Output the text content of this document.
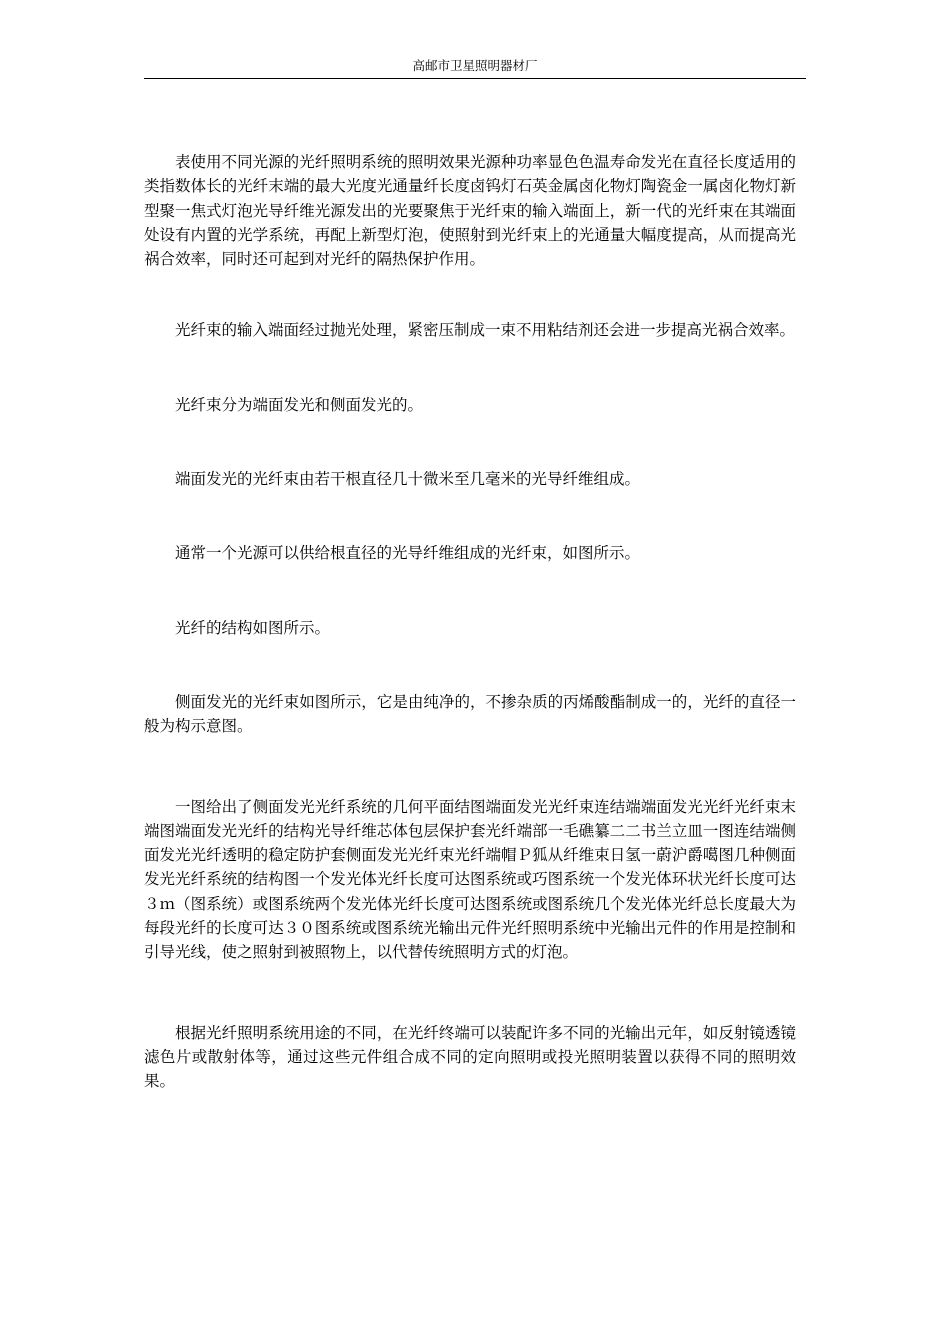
高邮市卫星照明器材厂

表使用不同光源的光纤照明系统的照明效果光源种功率显色色温寿命发光在直径长度适用的类指数体长的光纤末端的最大光度光通量纤长度卤钨灯石英金属卤化物灯陶瓷金一属卤化物灯新型聚一焦式灯泡光导纤维光源发出的光要聚焦于光纤束的输入端面上，新一代的光纤束在其端面处设有内置的光学系统，再配上新型灯泡，使照射到光纤束上的光通量大幅度提高，从而提高光祸合效率，同时还可起到对光纤的隔热保护作用。

光纤束的输入端面经过抛光处理，紧密压制成一束不用粘结剂还会进一步提高光祸合效率。

光纤束分为端面发光和侧面发光的。

端面发光的光纤束由若干根直径几十微米至几毫米的光导纤维组成。

通常一个光源可以供给根直径的光导纤维组成的光纤束，如图所示。

光纤的结构如图所示。

侧面发光的光纤束如图所示，它是由纯净的，不掺杂质的丙烯酸酯制成一的，光纤的直径一般为构示意图。

一图给出了侧面发光光纤系统的几何平面结图端面发光光纤束连结端端面发光光纤光纤束末端图端面发光光纤的结构光导纤维芯体包层保护套光纤端部一毛礁纂二二书兰立皿一图连结端侧面发光光纤透明的稳定防护套侧面发光光纤束光纤端帽Ｐ狐从纤维束日氢一蔚沪爵噶图几种侧面发光光纤系统的结构图一个发光体光纤长度可达图系统或巧图系统一个发光体环状光纤长度可达３ｍ（图系统）或图系统两个发光体光纤长度可达图系统或图系统几个发光体光纤总长度最大为每段光纤的长度可达３０图系统或图系统光输出元件光纤照明系统中光输出元件的作用是控制和引导光线，使之照射到被照物上，以代替传统照明方式的灯泡。

根据光纤照明系统用途的不同，在光纤终端可以装配许多不同的光输出元年，如反射镜透镜滤色片或散射体等，通过这些元件组合成不同的定向照明或投光照明装置以获得不同的照明效果。
